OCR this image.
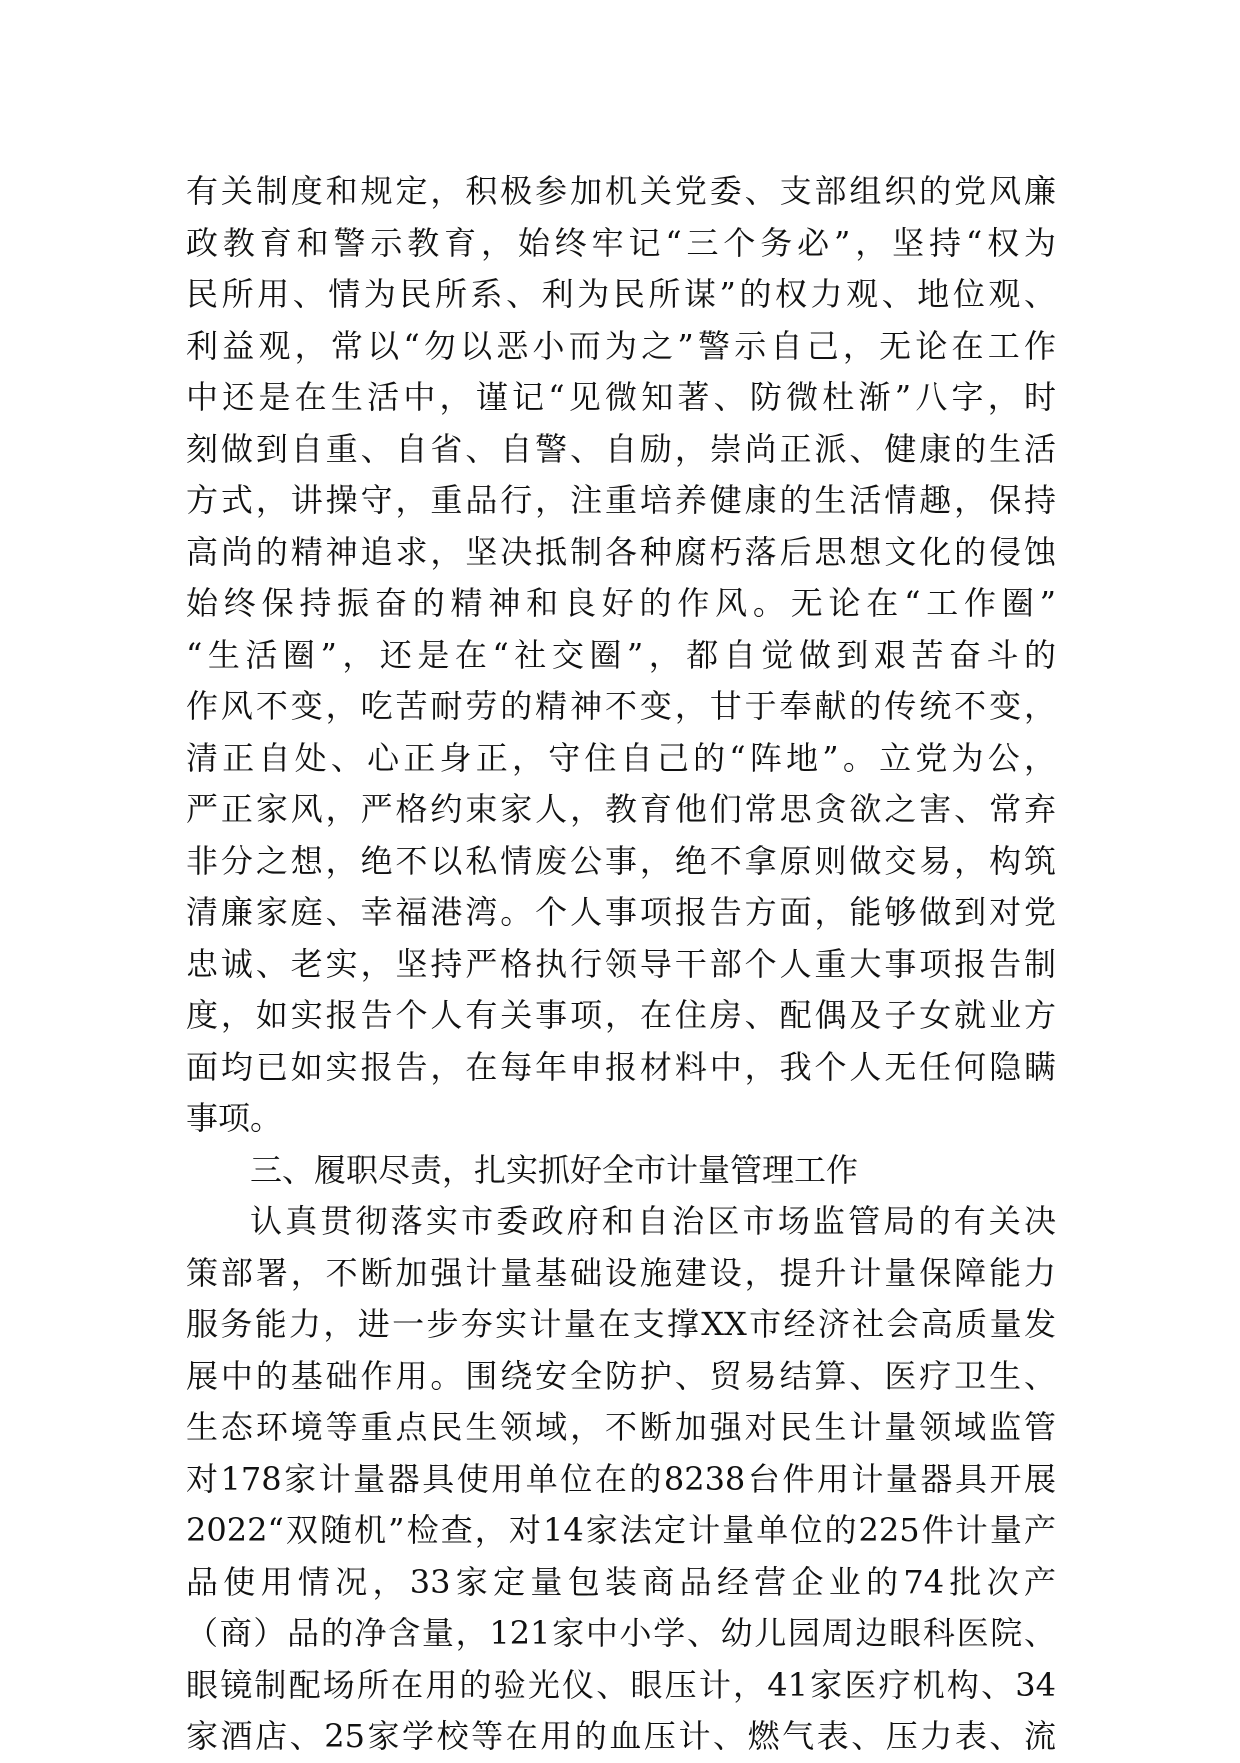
有关制度和规定，积极参加机关党委、支部组织的党风廉
政教育和警示教育，始终牢记“三个务必”，坚持“权为
民所用、情为民所系、利为民所谋”的权力观、地位观、
利益观，常以“勿以恶小而为之”警示自己，无论在工作
中还是在生活中，谨记“见微知著、防微杜渐”八字，时
刻做到自重、自省、自警、自励，崇尚正派、健康的生活
方式，讲操守，重品行，注重培养健康的生活情趣，保持
高尚的精神追求，坚决抵制各种腐朽落后思想文化的侵蚀
始终保持振奋的精神和良好的作风。无论在“工作圈”
“生活圈”，还是在“社交圈”，都自觉做到艰苦奋斗的
作风不变，吃苦耐劳的精神不变，甘于奉献的传统不变，
清正自处、心正身正，守住自己的“阵地”。立党为公，
严正家风，严格约束家人，教育他们常思贪欲之害、常弃
非分之想，绝不以私情废公事，绝不拿原则做交易，构筑
清廉家庭、幸福港湾。个人事项报告方面，能够做到对党
忠诚、老实，坚持严格执行领导干部个人重大事项报告制
度，如实报告个人有关事项，在住房、配偶及子女就业方
面均已如实报告，在每年申报材料中，我个人无任何隐瞒
事项。
三、履职尽责，扎实抓好全市计量管理工作
认真贯彻落实市委政府和自治区市场监管局的有关决
策部署，不断加强计量基础设施建设，提升计量保障能力
服务能力，进一步夯实计量在支撑XX市经济社会高质量发
展中的基础作用。围绕安全防护、贸易结算、医疗卫生、
生态环境等重点民生领域，不断加强对民生计量领域监管
对178家计量器具使用单位在的8238台件用计量器具开展
2022“双随机”检查，对14家法定计量单位的225件计量产
品使用情况，33家定量包装商品经营企业的74批次产
（商）品的净含量，121家中小学、幼儿园周边眼科医院、
眼镜制配场所在用的验光仪、眼压计，41家医疗机构、34
家酒店、25家学校等在用的血压计、燃气表、压力表、流
